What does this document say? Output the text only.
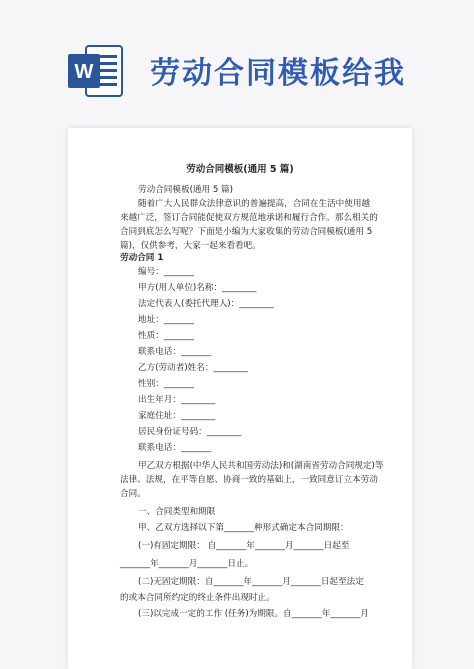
W 劳动合同模板给我
劳动合同模板(通用 5 篇)
劳动合同模板(通用 5 篇)
随着广大人民群众法律意识的普遍提高，合同在生活中使用越
来越广泛，签订合同能促使双方规范地承诺和履行合作。那么相关的
合同到底怎么写呢？下面是小编为大家收集的劳动合同模板(通用 5
篇)，仅供参考，大家一起来看看吧。
劳动合同 1
编号：_______
甲方(用人单位)名称：________
法定代表人(委托代理人)：________
地址：_______
性质：_______
联系电话：_______
乙方(劳动者)姓名：________
性别：_______
出生年月：________
家庭住址：________
居民身份证号码：________
联系电话：_______
甲乙双方根据(中华人民共和国劳动法)和(湖南省劳动合同规定)等
法律、法规，在平等自愿、协商一致的基础上，一致同意订立本劳动
合同。
一、合同类型和期限
甲、乙双方选择以下第_______种形式确定本合同期限：
(一)有固定期限： 自_______年_______月_______日起至
_______年_______月_______日止。
(二)无固定期限：自_______年_______月_______日起至法定
的或本合同所约定的终止条件出现时止。
(三)以完成一定的工作 (任务)为期限。自_______年_______月
